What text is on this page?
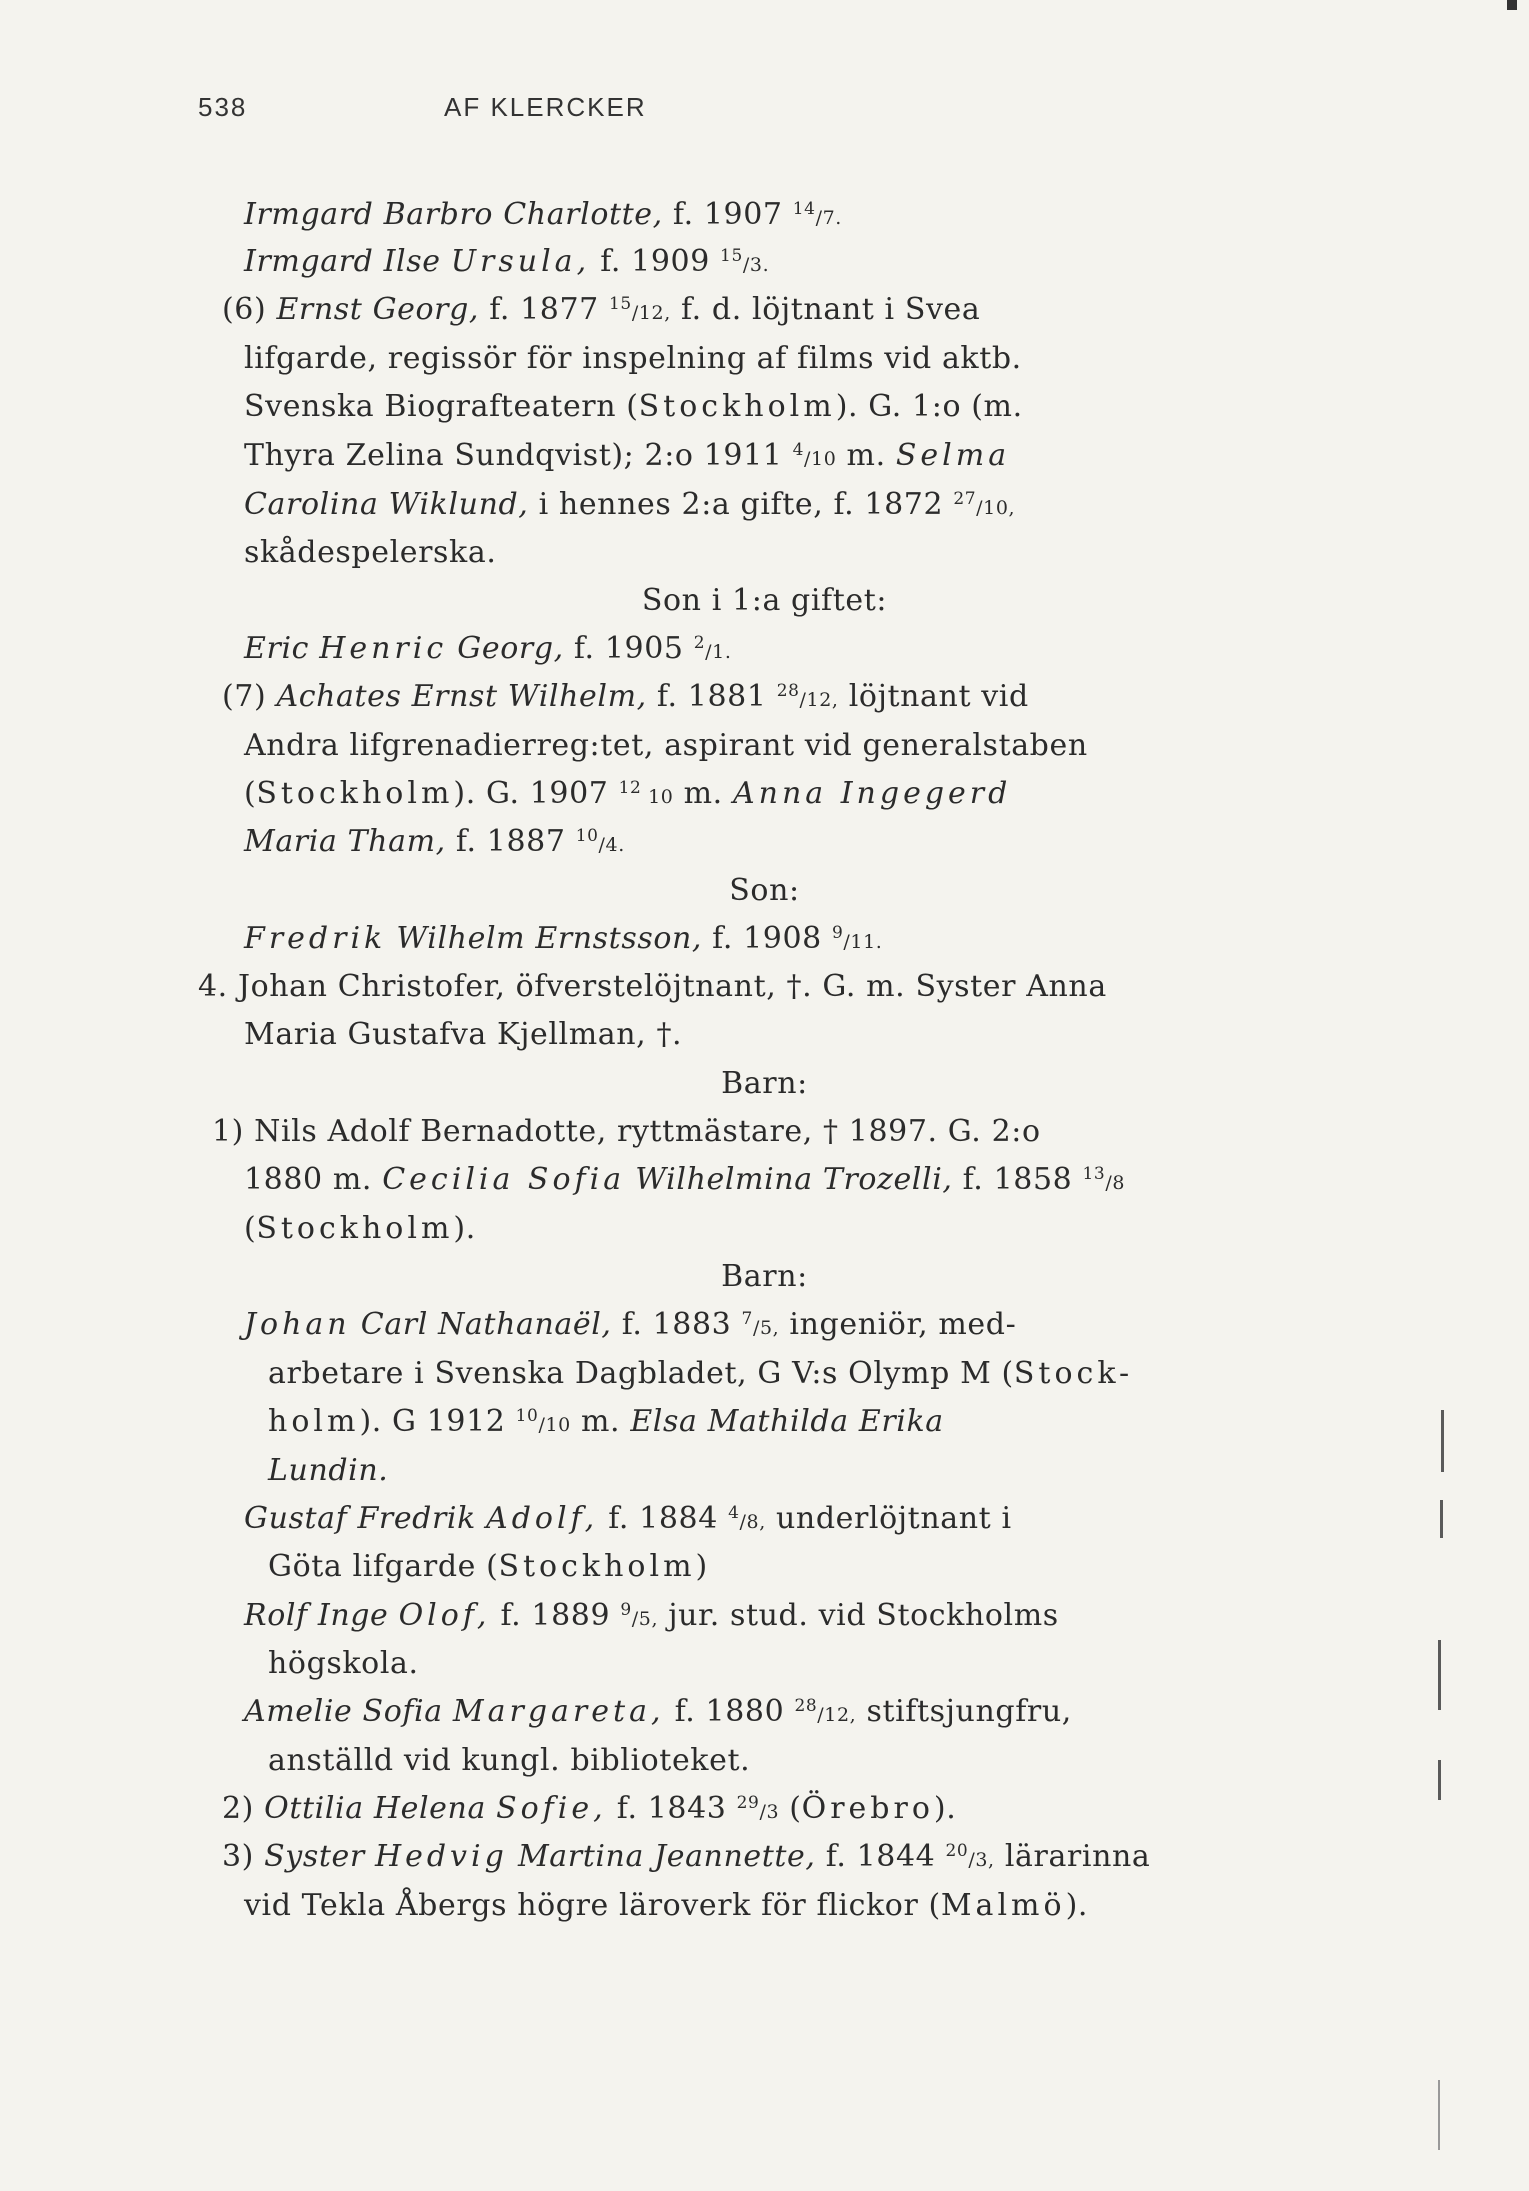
538	AF KLERCKER
Irmgard Barbro Charlotte, f. 1907 $^{14}$/7.
Irmgard Ilse Ursula, f. 1909 $^{15}$/3.
(6) Ernst Georg, f. 1877 $^{15}$/12, f. d. löjtnant i Svea
lifgarde, regissör för inspelning af films vid aktb.
Svenska Biografteatern (Stockholm). G. 1:o (m.
Thyra Zelina Sundqvist); 2:o 1911 $^4$/10 m. Selma
Carolina Wiklund, i hennes 2:a gifte, f. 1872 $^{27}$/10,
skådespelerska.
Son i 1:a giftet:
Eric Henric Georg, f. 1905 $^2$/1.
(7) Achates Ernst Wilhelm, f. 1881 $^{28}$/12, löjtnant vid
Andra lifgrenadierreg:tet, aspirant vid generalstaben
(Stockholm). G. 1907 $^{12}$ 10 m. Anna Ingegerd
Maria Tham, f. 1887 $^{10}$/4.
Son:
Fredrik Wilhelm Ernstsson, f. 1908 $^9$/11.
4. Johan Christofer, öfverstelöjtnant, †. G. m. Syster Anna
Maria Gustafva Kjellman, †.
Barn:
1) Nils Adolf Bernadotte, ryttmästare, † 1897. G. 2:o
1880 m. Cecilia Sofia Wilhelmina Trozelli, f. 1858 $^{13}$/8
(Stockholm).
Barn:
Johan Carl Nathanaël, f. 1883 $^7$/5, ingeniör, med-
arbetare i Svenska Dagbladet, G V:s Olymp M (Stock-
holm). G 1912 $^{10}$/10 m. Elsa Mathilda Erika
Lundin.
Gustaf Fredrik Adolf, f. 1884 $^4$/8, underlöjtnant i
Göta lifgarde (Stockholm)
Rolf Inge Olof, f. 1889 $^9$/5, jur. stud. vid Stockholms
högskola.
Amelie Sofia Margareta, f. 1880 $^{28}$/12, stiftsjungfru,
anställd vid kungl. biblioteket.
2) Ottilia Helena Sofie, f. 1843 $^{29}$/3 (Örebro).
3) Syster Hedvig Martina Jeannette, f. 1844 $^{20}$/3, lärarinna
vid Tekla Åbergs högre läroverk för flickor (Malmö).
